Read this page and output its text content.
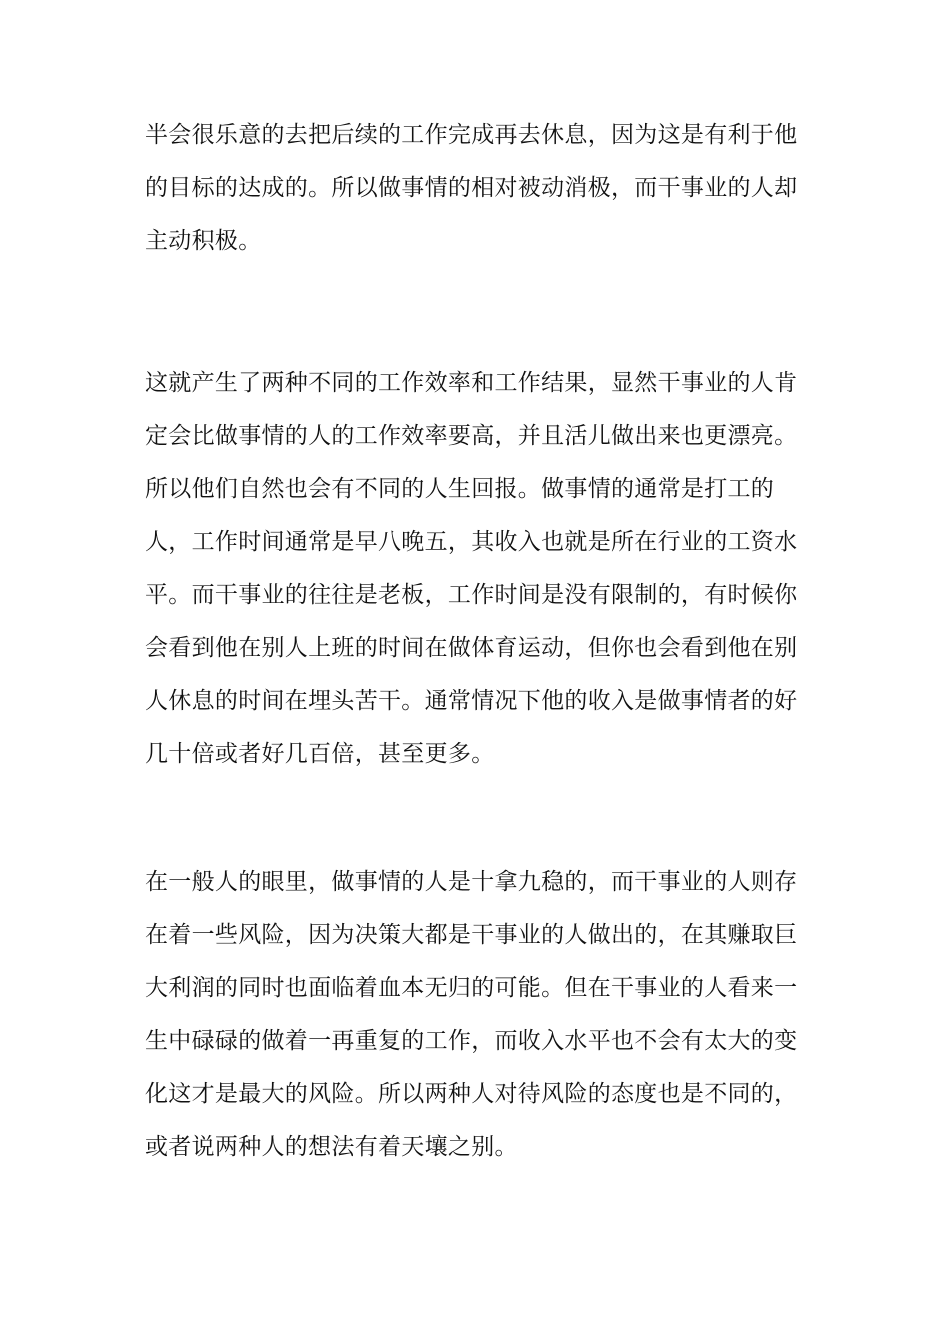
半会很乐意的去把后续的工作完成再去休息，因为这是有利于他
的目标的达成的。所以做事情的相对被动消极，而干事业的人却
主动积极。
这就产生了两种不同的工作效率和工作结果，显然干事业的人肯
定会比做事情的人的工作效率要高，并且活儿做出来也更漂亮。
所以他们自然也会有不同的人生回报。做事情的通常是打工的
人，工作时间通常是早八晚五，其收入也就是所在行业的工资水
平。而干事业的往往是老板，工作时间是没有限制的，有时候你
会看到他在别人上班的时间在做体育运动，但你也会看到他在别
人休息的时间在埋头苦干。通常情况下他的收入是做事情者的好
几十倍或者好几百倍，甚至更多。
在一般人的眼里，做事情的人是十拿九稳的，而干事业的人则存
在着一些风险，因为决策大都是干事业的人做出的，在其赚取巨
大利润的同时也面临着血本无归的可能。但在干事业的人看来一
生中碌碌的做着一再重复的工作，而收入水平也不会有太大的变
化这才是最大的风险。所以两种人对待风险的态度也是不同的，
或者说两种人的想法有着天壤之别。
